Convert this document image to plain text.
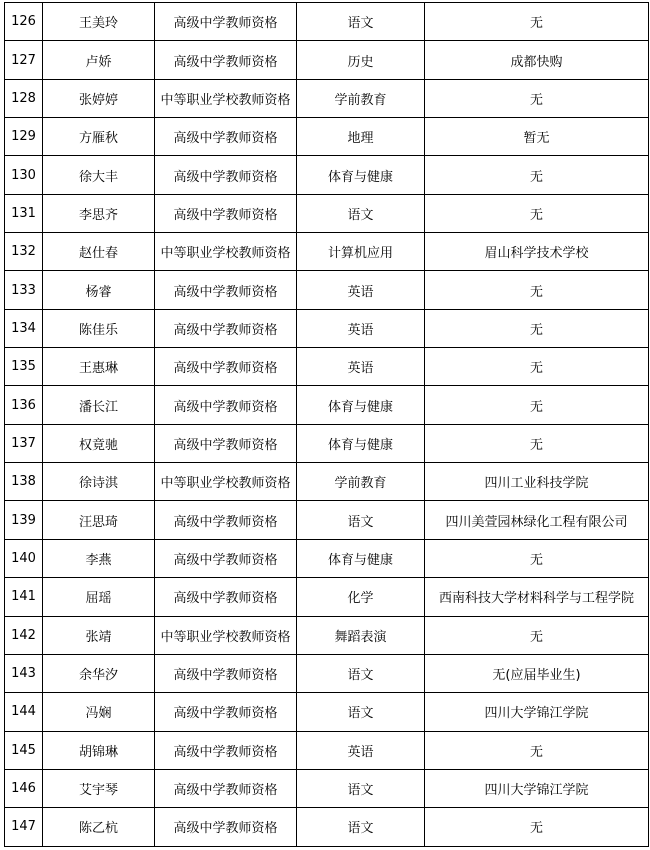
126	王美玲	高级中学教师资格	语文	无
127	卢娇	高级中学教师资格	历史	成都快购
128	张婷婷	中等职业学校教师资格	学前教育	无
129	方雁秋	高级中学教师资格	地理	暂无
130	徐大丰	高级中学教师资格	体育与健康	无
131	李思齐	高级中学教师资格	语文	无
132	赵仕春	中等职业学校教师资格	计算机应用	眉山科学技术学校
133	杨睿	高级中学教师资格	英语	无
134	陈佳乐	高级中学教师资格	英语	无
135	王惠琳	高级中学教师资格	英语	无
136	潘长江	高级中学教师资格	体育与健康	无
137	权竟驰	高级中学教师资格	体育与健康	无
138	徐诗淇	中等职业学校教师资格	学前教育	四川工业科技学院
139	汪思琦	高级中学教师资格	语文	四川美萱园林绿化工程有限公司
140	李燕	高级中学教师资格	体育与健康	无
141	屈瑶	高级中学教师资格	化学	西南科技大学材料科学与工程学院
142	张靖	中等职业学校教师资格	舞蹈表演	无
143	余华汐	高级中学教师资格	语文	无(应届毕业生)
144	冯娴	高级中学教师资格	语文	四川大学锦江学院
145	胡锦琳	高级中学教师资格	英语	无
146	艾宇琴	高级中学教师资格	语文	四川大学锦江学院
147	陈乙杭	高级中学教师资格	语文	无
